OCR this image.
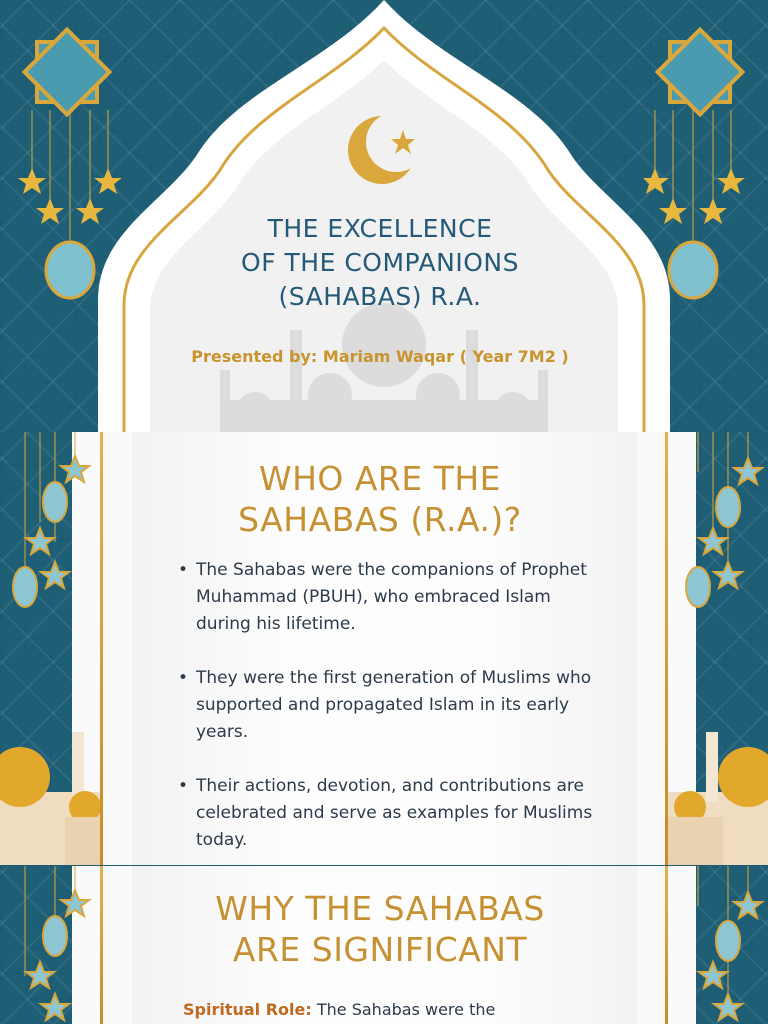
THE EXCELLENCE
OF THE COMPANIONS
(SAHABAS) R.A.

Presented by: Mariam Waqar ( Year 7M2 )

WHO ARE THE
SAHABAS (R.A.)?
• The Sahabas were the companions of Prophet Muhammad (PBUH), who embraced Islam during his lifetime.
• They were the first generation of Muslims who supported and propagated Islam in its early years.
• Their actions, devotion, and contributions are celebrated and serve as examples for Muslims today.
WHY THE SAHABAS
ARE SIGNIFICANT

Spiritual Role: The Sahabas were the
